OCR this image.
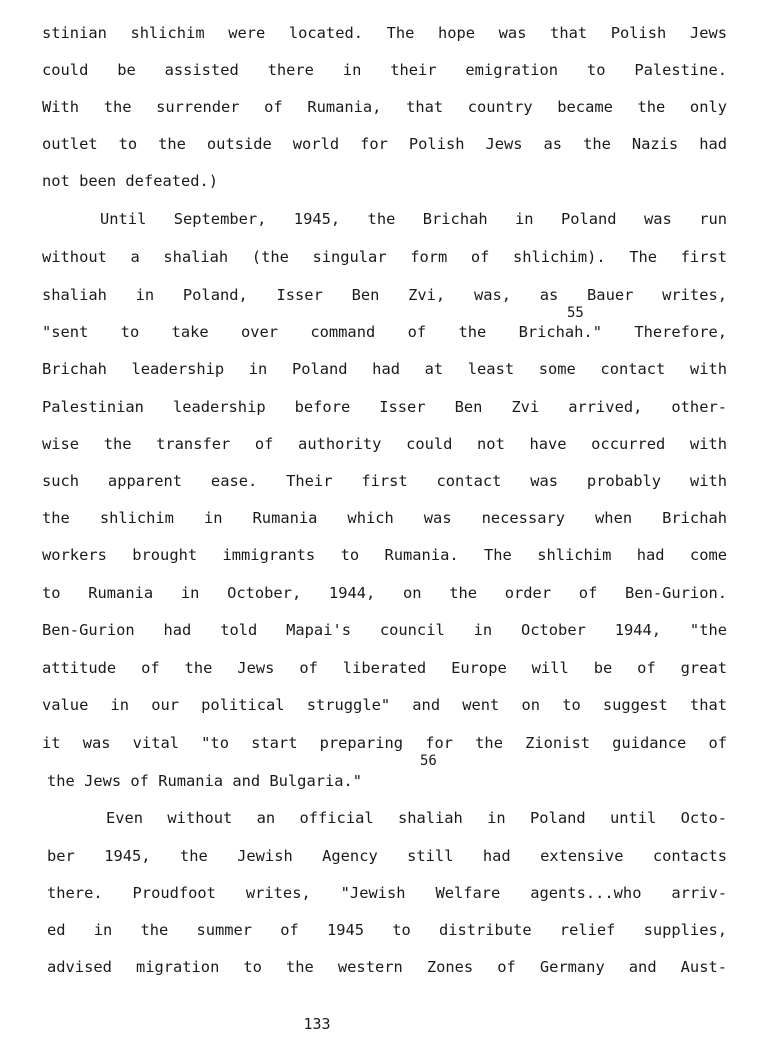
stinian shlichim were located. The hope was that Polish Jews
could be assisted there in their emigration to Palestine.
With the surrender of Rumania, that country became the only
outlet to the outside world for Polish Jews as the Nazis had
not been defeated.)
Until September, 1945, the Brichah in Poland was run
without a shaliah (the singular form of shlichim). The first
shaliah in Poland, Isser Ben Zvi, was, as Bauer writes,
55
"sent to take over command of the Brichah." Therefore,
Brichah leadership in Poland had at least some contact with
Palestinian leadership before Isser Ben Zvi arrived, other-
wise the transfer of authority could not have occurred with
such apparent ease. Their first contact was probably with
the shlichim in Rumania which was necessary when Brichah
workers brought immigrants to Rumania. The shlichim had come
to Rumania in October, 1944, on the order of Ben-Gurion.
Ben-Gurion had told Mapai's council in October 1944, "the
attitude of the Jews of liberated Europe will be of great
value in our political struggle" and went on to suggest that
it was vital "to start preparing for the Zionist guidance of
56
the Jews of Rumania and Bulgaria."
Even without an official shaliah in Poland until Octo-
ber 1945, the Jewish Agency still had extensive contacts
there. Proudfoot writes, "Jewish Welfare agents...who arriv-
ed in the summer of 1945 to distribute relief supplies,
advised migration to the western Zones of Germany and Aust-
133
